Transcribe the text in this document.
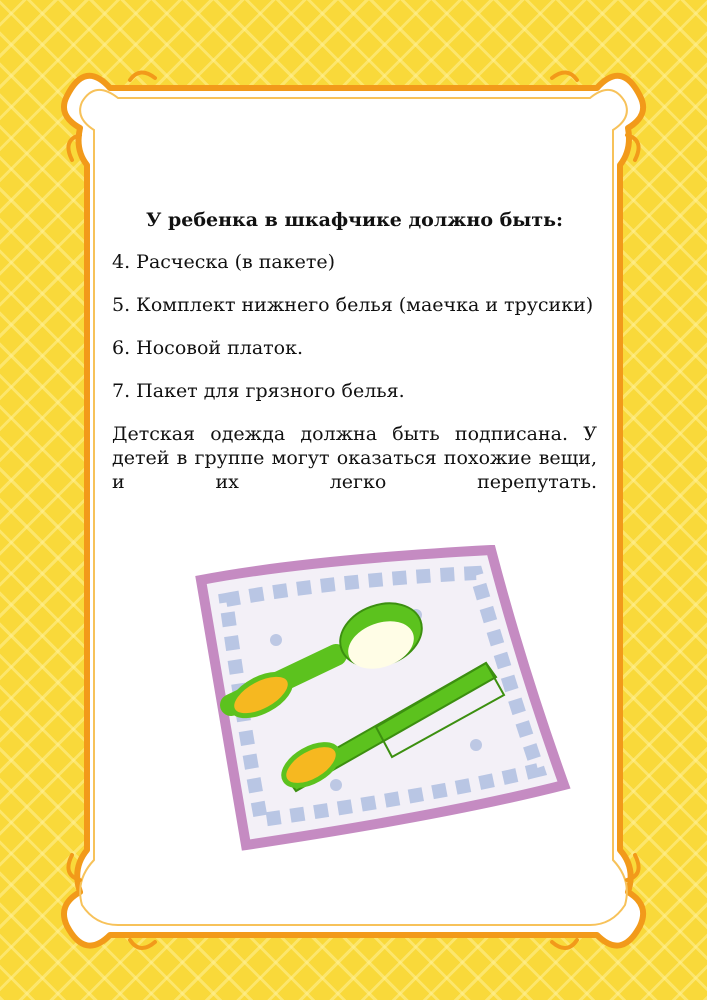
У ребенка в шкафчике должно быть:

4. Расческа (в пакете)

5. Комплект нижнего белья (маечка и трусики)

6. Носовой платок.

7. Пакет для грязного белья.

Детская одежда должна быть подписана. У детей в группе могут оказаться похожие вещи, и их легко перепутать.
